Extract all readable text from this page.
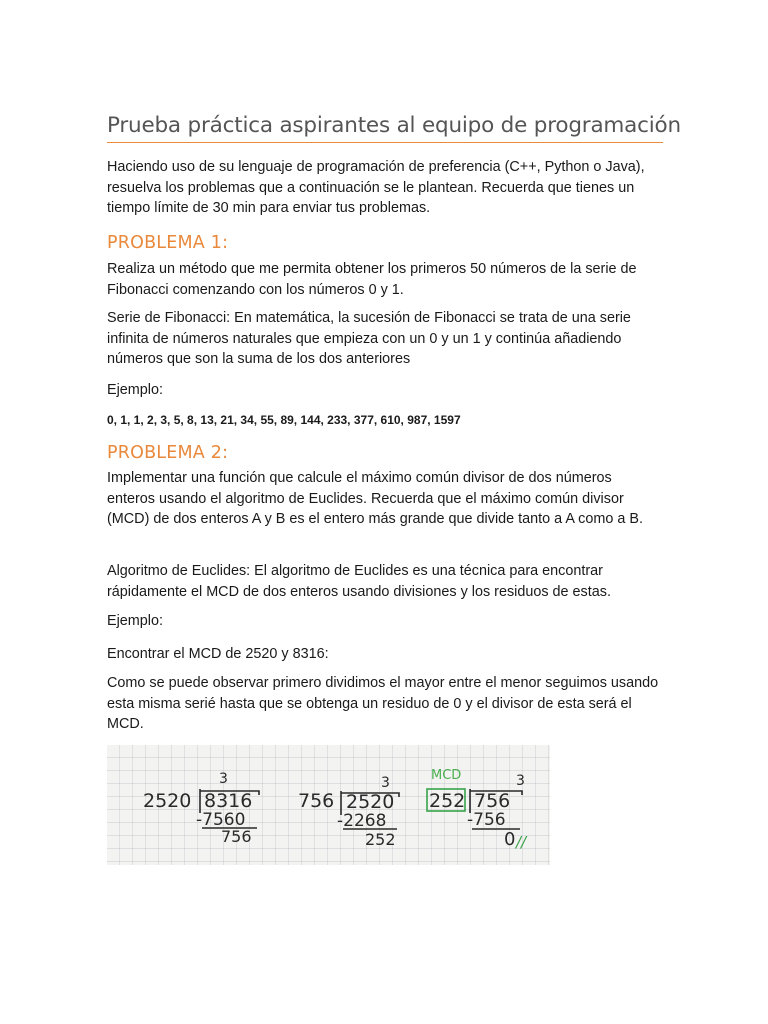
Prueba práctica aspirantes al equipo de programación

Haciendo uso de su lenguaje de programación de preferencia (C++, Python o Java), resuelva los problemas que a continuación se le plantean. Recuerda que tienes un tiempo límite de 30 min para enviar tus problemas.

PROBLEMA 1:

Realiza un método que me permita obtener los primeros 50 números de la serie de Fibonacci comenzando con los números 0 y 1.

Serie de Fibonacci: En matemática, la sucesión de Fibonacci se trata de una serie infinita de números naturales que empieza con un 0 y un 1 y continúa añadiendo números que son la suma de los dos anteriores

Ejemplo:

0, 1, 1, 2, 3, 5, 8, 13, 21, 34, 55, 89, 144, 233, 377, 610, 987, 1597

PROBLEMA 2:

Implementar una función que calcule el máximo común divisor de dos números enteros usando el algoritmo de Euclides. Recuerda que el máximo común divisor (MCD) de dos enteros A y B es el entero más grande que divide tanto a A como a B.

Algoritmo de Euclides: El algoritmo de Euclides es una técnica para encontrar rápidamente el MCD de dos enteros usando divisiones y los residuos de estas.

Ejemplo:

Encontrar el MCD de 2520 y 8316:

Como se puede observar primero dividimos el mayor entre el menor seguimos usando esta misma serié hasta que se obtenga un residuo de 0 y el divisor de esta será el MCD.

3
2520 8316
-7560
756
3
756 2520
-2268
252
MCD	3
252 756
-756
0 //
